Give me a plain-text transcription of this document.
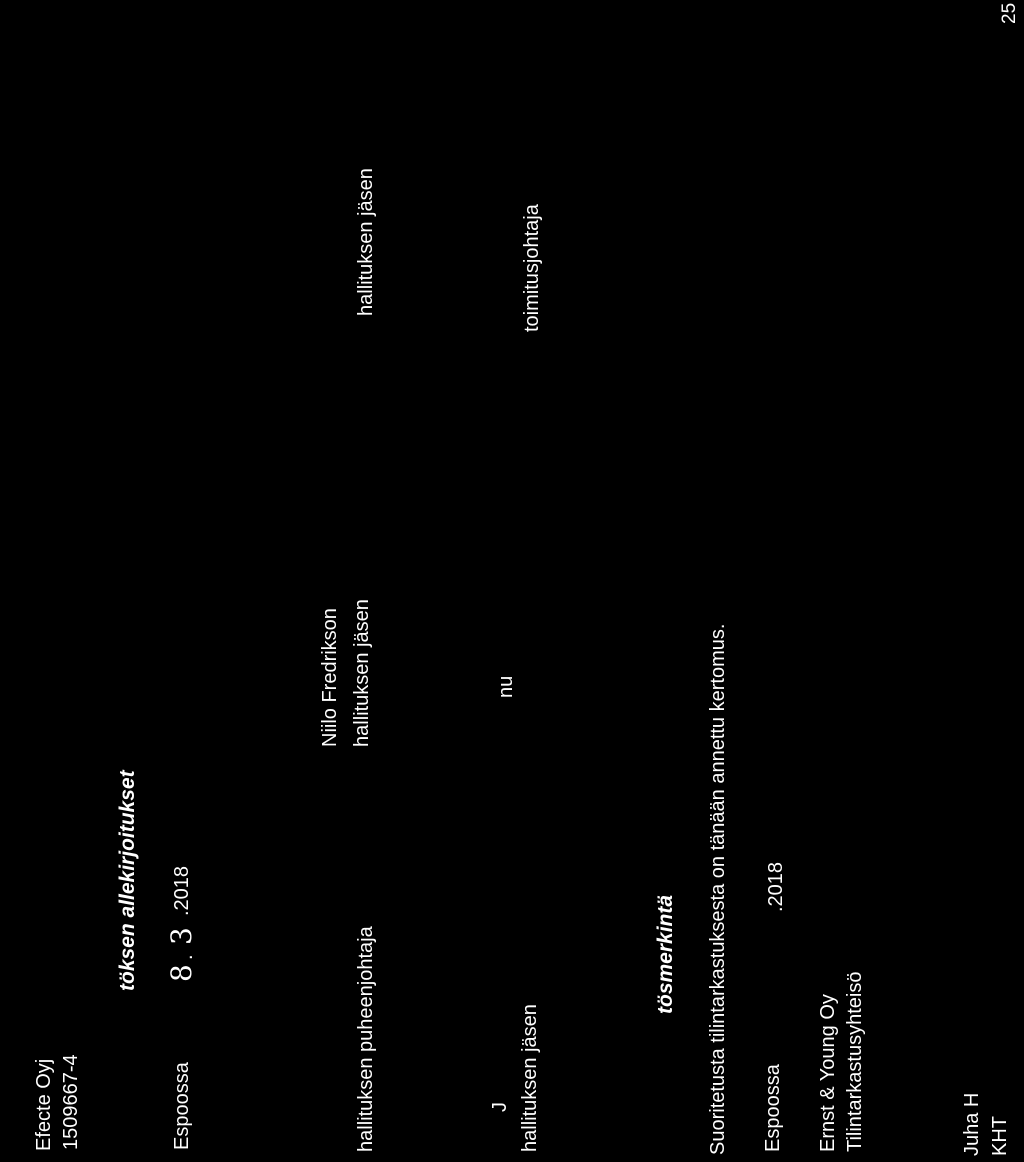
25
Efecte Oyj 1509667-4
töksen allekirjoitukset
Espoossa
8
.
3
.2018
hallituksen puheenjohtaja
Niilo Fredrikson hallituksen jäsen
hallituksen jäsen
J hallituksen jäsen
nu
toimitusjohtaja
tösmerkintä Suoritetusta tilintarkastuksesta on tänään annettu kertomus. Espoossa
.2018
Ernst & Young Oy Tilintarkastusyhteisö	Juha H KHT
